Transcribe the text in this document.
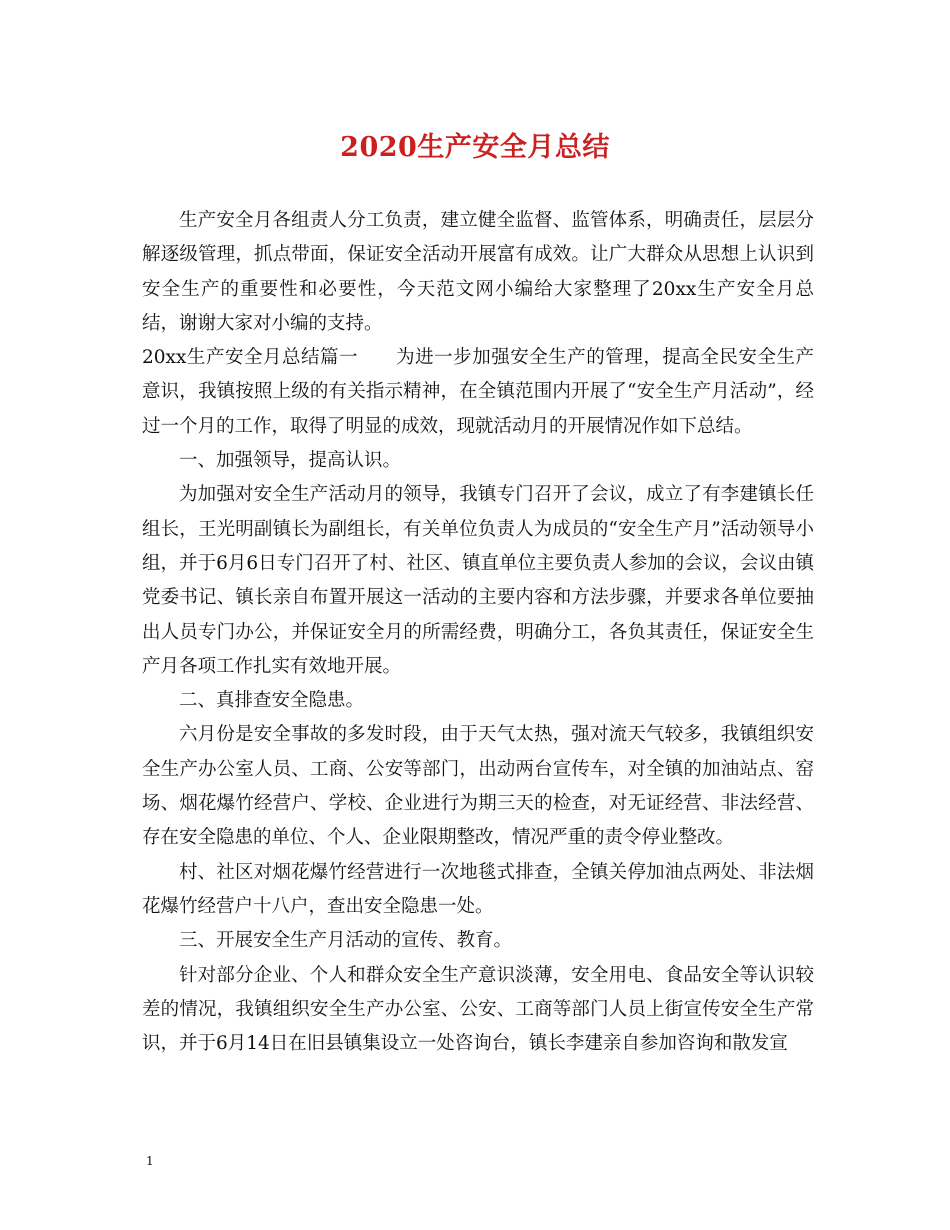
2020生产安全月总结

生产安全月各组责人分工负责，建立健全监督、监管体系，明确责任，层层分解逐级管理，抓点带面，保证安全活动开展富有成效。让广大群众从思想上认识到安全生产的重要性和必要性，今天范文网小编给大家整理了20xx生产安全月总结，谢谢大家对小编的支持。

20xx生产安全月总结篇一　　为进一步加强安全生产的管理，提高全民安全生产意识，我镇按照上级的有关指示精神，在全镇范围内开展了“安全生产月活动”，经过一个月的工作，取得了明显的成效，现就活动月的开展情况作如下总结。

一、加强领导，提高认识。

为加强对安全生产活动月的领导，我镇专门召开了会议，成立了有李建镇长任组长，王光明副镇长为副组长，有关单位负责人为成员的“安全生产月”活动领导小组，并于6月6日专门召开了村、社区、镇直单位主要负责人参加的会议，会议由镇党委书记、镇长亲自布置开展这一活动的主要内容和方法步骤，并要求各单位要抽出人员专门办公，并保证安全月的所需经费，明确分工，各负其责任，保证安全生产月各项工作扎实有效地开展。

二、真排查安全隐患。

六月份是安全事故的多发时段，由于天气太热，强对流天气较多，我镇组织安全生产办公室人员、工商、公安等部门，出动两台宣传车，对全镇的加油站点、窑场、烟花爆竹经营户、学校、企业进行为期三天的检查，对无证经营、非法经营、存在安全隐患的单位、个人、企业限期整改，情况严重的责令停业整改。

村、社区对烟花爆竹经营进行一次地毯式排查，全镇关停加油点两处、非法烟花爆竹经营户十八户，查出安全隐患一处。

三、开展安全生产月活动的宣传、教育。

针对部分企业、个人和群众安全生产意识淡薄，安全用电、食品安全等认识较差的情况，我镇组织安全生产办公室、公安、工商等部门人员上街宣传安全生产常识，并于6月14日在旧县镇集设立一处咨询台，镇长李建亲自参加咨询和散发宣

1
